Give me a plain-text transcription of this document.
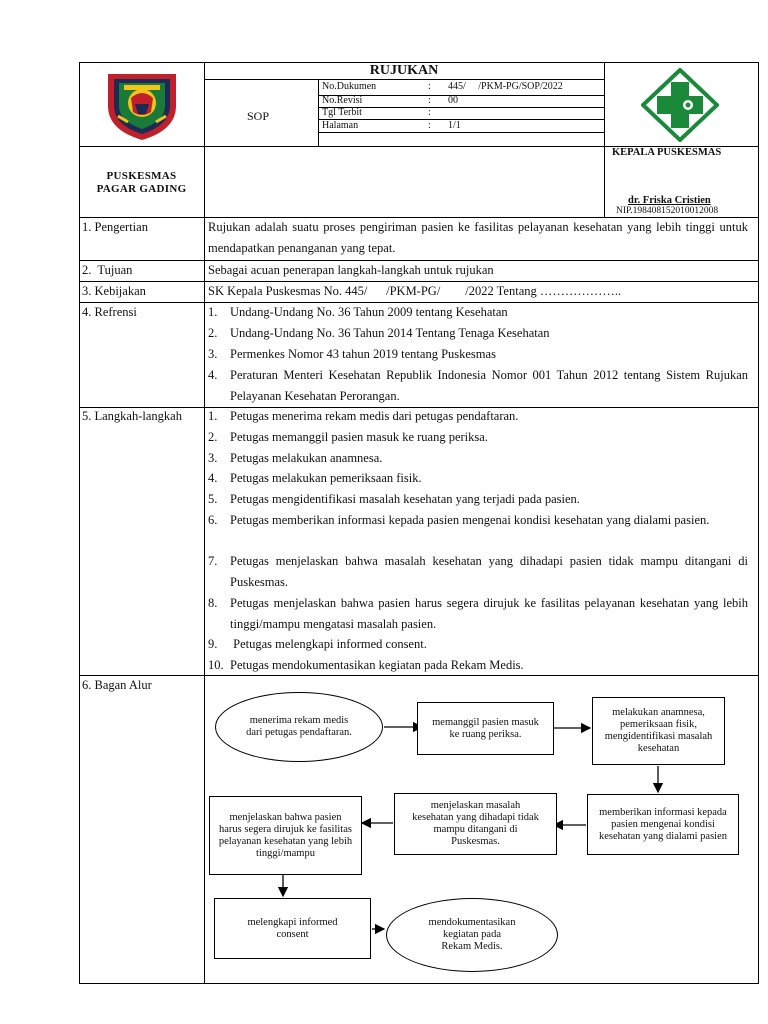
SOP
RUJUKAN
No.Dukumen	: 445/     /PKM-PG/SOP/2022
No.Revisi	: 00
Tgl Terbit	:
Halaman	: 1/1
PUSKESMAS
PAGAR GADING
KEPALA PUSKESMAS
dr. Friska Cristien
NIP.198408152010012008
1. Pengertian	Rujukan adalah suatu proses pengiriman pasien ke fasilitas pelayanan kesehatan yang lebih tinggi untuk mendapatkan penanganan yang tepat.
2.  Tujuan	Sebagai acuan penerapan langkah-langkah untuk rujukan
3. Kebijakan	SK Kepala Puskesmas No. 445/      /PKM-PG/        /2022 Tentang ………………..
4. Refrensi	1. Undang-Undang No. 36 Tahun 2009 tentang Kesehatan
2. Undang-Undang No. 36 Tahun 2014 Tentang Tenaga Kesehatan
3. Permenkes Nomor 43 tahun 2019 tentang Puskesmas
4. Peraturan Menteri Kesehatan Republik Indonesia Nomor 001 Tahun 2012 tentang Sistem Rujukan Pelayanan Kesehatan Perorangan.
5. Langkah-langkah 1. Petugas menerima rekam medis dari petugas pendaftaran.
2. Petugas memanggil pasien masuk ke ruang periksa.
3. Petugas melakukan anamnesa.
4. Petugas melakukan pemeriksaan fisik.
5. Petugas mengidentifikasi masalah kesehatan yang terjadi pada pasien.
6. Petugas memberikan informasi kepada pasien mengenai kondisi kesehatan yang dialami pasien.
7. Petugas menjelaskan bahwa masalah kesehatan yang dihadapi pasien tidak mampu ditangani di Puskesmas.
8. Petugas menjelaskan bahwa pasien harus segera dirujuk ke fasilitas pelayanan kesehatan yang lebih tinggi/mampu mengatasi masalah pasien.
9. Petugas melengkapi informed consent.
10. Petugas mendokumentasikan kegiatan pada Rekam Medis.
6. Bagan Alur
menerima rekam medis dari petugas pendaftaran.
memanggil pasien masuk ke ruang periksa.
melakukan anamnesa, pemeriksaan fisik, mengidentifikasi masalah kesehatan
memberikan informasi kepada pasien mengenai kondisi kesehatan yang dialami pasien
menjelaskan masalah kesehatan yang dihadapi tidak mampu ditangani di Puskesmas.
menjelaskan bahwa pasien harus segera dirujuk ke fasilitas pelayanan kesehatan yang lebih tinggi/mampu
melengkapi informed consent
mendokumentasikan kegiatan pada Rekam Medis.
